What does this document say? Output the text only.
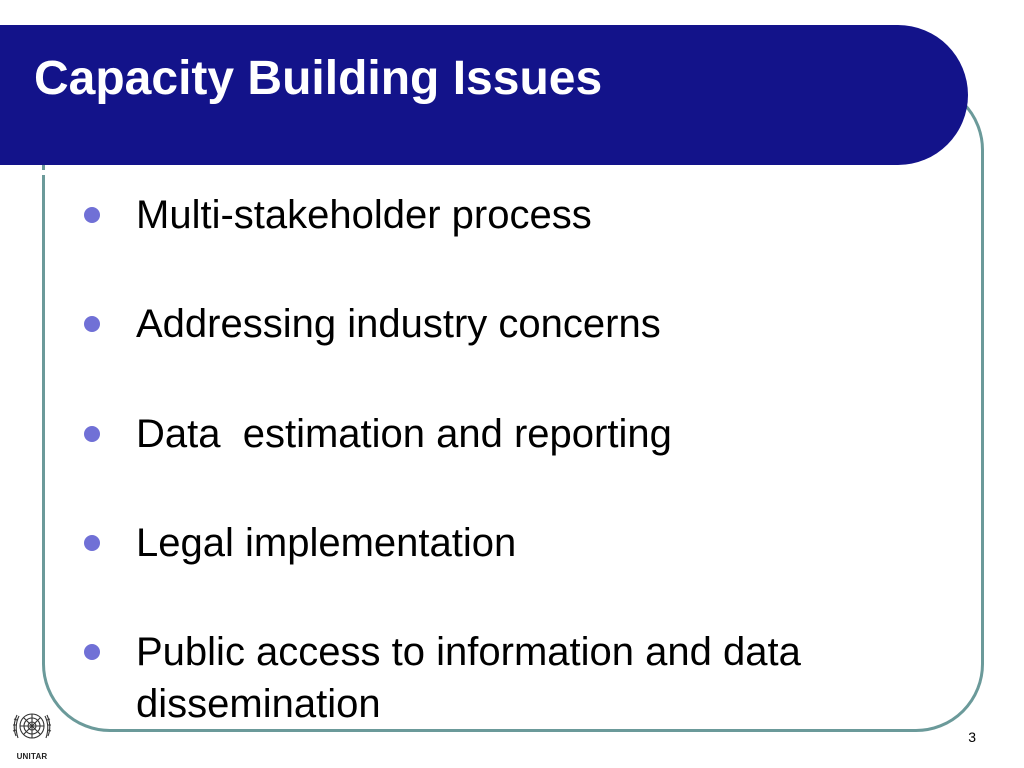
Capacity Building Issues
Multi-stakeholder process
Addressing industry concerns
Data  estimation and reporting
Legal implementation
Public access to information and data dissemination
UNITAR
3
